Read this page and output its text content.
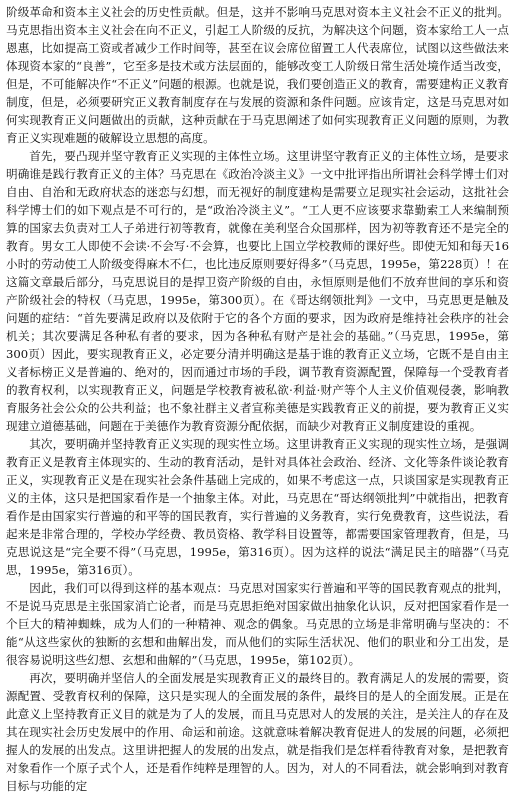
阶级革命和资本主义社会的历史性贡献。但是，这并不影响马克思对资本主义社会不正义的批判。马克思指出资本主义社会在向不正义，引起工人阶级的反抗，为解决这个问题，资本家给工人一点恩惠，比如提高工资或者减少工作时间等，甚至在议会席位留置工人代表席位，试图以这些做法来体现资本家的“良善”，它至多是技术或方法层面的，能够改变工人阶级日常生活处境作适当改变，但是，不可能解决作“不正义”问题的根源。也就是说，我们要创造正义的教育，需要建构正义教育制度，但是，必须要研究正义教育制度存在与发展的资源和条件问题。应该肯定，这是马克思对如何实现教育正义问题做出的贡献，这种贡献在于马克思阐述了如何实现教育正义问题的原则，为教育正义实现难题的破解设立思想的高度。

首先，要凸现并坚守教育正义实现的主体性立场。这里讲坚守教育正义的主体性立场，是要求明确谁是践行教育正义的主体？马克思在《政治冷淡主义》一文中批评指出所谓社会科学博士们对自由、自治和无政府状态的迷恋与幻想，而无视好的制度建构是需要立足现实社会运动，这批社会科学博士们的如下观点是不可行的，是“政治冷淡主义”。“工人更不应该要求靠勤索工人来编制预算的国家去负责对工人子弟进行初等教育，就像在美利坚合众国那样，因为初等教育还不是完全的教育。男女工人即使不会读·不会写·不会算，也要比上国立学校教师的课好些。即使无知和每天16小时的劳动使工人阶级变得麻木不仁，也比违反原则要好得多”（马克思，1995e，第228页）！在这篇文章最后部分，马克思说目的是捍卫资产阶级的自由，永恒原则是他们不放弃世间的享乐和资产阶级社会的特权（马克思，1995e，第300页）。在《哥达纲领批判》一文中，马克思更是触及问题的症结：“首先要满足政府以及依附于它的各个方面的要求，因为政府是维持社会秩序的社会机关；其次要满足各种私有者的要求，因为各种私有财产是社会的基础。”（马克思，1995e，第300页）因此，要实现教育正义，必定要分清并明确这是基于谁的教育正义立场，它既不是自由主义者标榜正义是普遍的、绝对的，因而通过市场的手段，调节教育资源配置，保障每一个受教育者的教育权利，以实现教育正义，问题是学校教育被私欲·利益·财产等个人主义价值观侵袭，影响教育服务社会公众的公共利益；也不象社群主义者宣称美德是实践教育正义的前提，要为教育正义实现建立道德基础，问题在于美德作为教育资源分配依据，而缺少对教育正义制度建设的重视。

其次，要明确并坚持教育正义实现的现实性立场。这里讲教育正义实现的现实性立场，是强调教育正义是教育主体现实的、生动的教育活动，是针对具体社会政治、经济、文化等条件谈论教育正义，实现教育正义是在现实社会条件基础上完成的，如果不考虑这一点，只谈国家是实现教育正义的主体，这只是把国家看作是一个抽象主体。对此，马克思在“哥达纲领批判”中就指出，把教育看作是由国家实行普遍的和平等的国民教育，实行普遍的义务教育，实行免费教育，这些说法，看起来是非常合理的，学校办学经费、教员资格、教学科目设置等，都需要国家管理教育，但是，马克思说这是“完全要不得”（马克思，1995e，第316页）。因为这样的说法“满足民主的暗器”（马克思，1995e，第316页）。

因此，我们可以得到这样的基本观点：马克思对国家实行普遍和平等的国民教育观点的批判，不是说马克思是主张国家消亡论者，而是马克思拒绝对国家做出抽象化认识，反对把国家看作是一个巨大的精神蜘蛛，成为人们的一种精神、观念的偶象。马克思的立场是非常明确与坚决的：不能“从这些家伙的独断的玄想和曲解出发，而从他们的实际生活状况、他们的职业和分工出发，是很容易说明这些幻想、玄想和曲解的”（马克思，1995e，第102页）。

再次，要明确并坚信人的全面发展是实现教育正义的最终目的。教育满足人的发展的需要，资源配置、受教育权利的保障，这只是实现人的全面发展的条件，最终目的是人的全面发展。正是在此意义上坚持教育正义目的就是为了人的发展，而且马克思对人的发展的关注，是关注人的存在及其在现实社会历史发展中的作用、命运和前途。这就意味着解决教育促进人的发展的问题，必须把握人的发展的出发点。这里讲把握人的发展的出发点，就是指我们是怎样看待教育对象，是把教育对象看作一个原子式个人，还是看作纯粹是理智的人。因为，对人的不同看法，就会影响到对教育目标与功能的定
